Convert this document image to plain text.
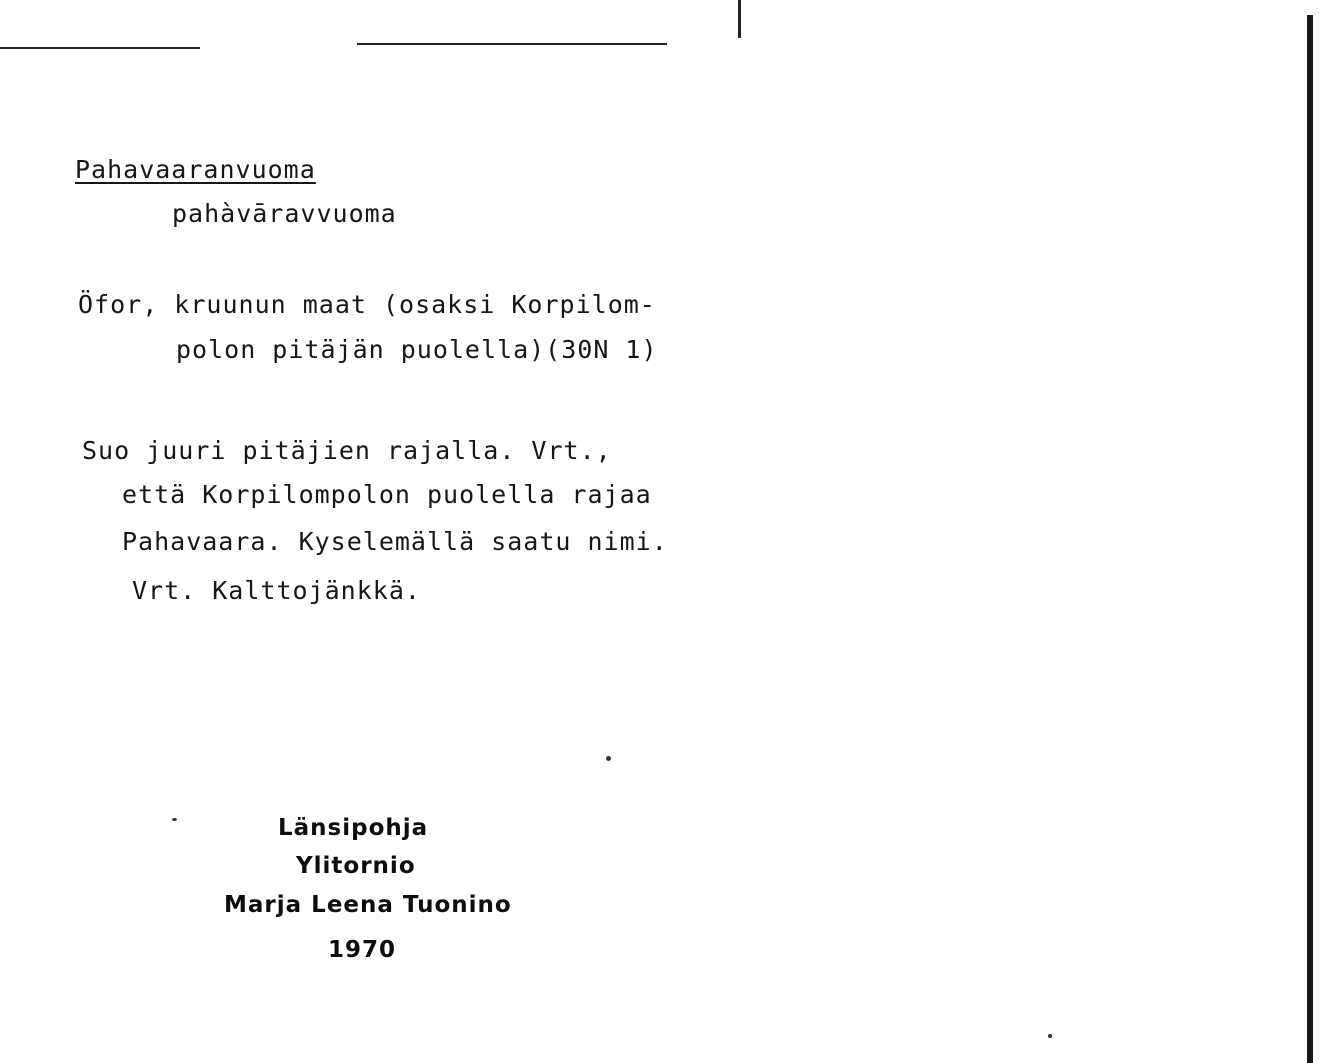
Pahavaaranvuoma
pahàvāravvuoma
Öfor, kruunun maat (osaksi Korpilom-
polon pitäjän puolella)(30N 1)
Suo juuri pitäjien rajalla. Vrt.,
että Korpilompolon puolella rajaa
Pahavaara. Kyselemällä saatu nimi.
Vrt. Kalttojänkkä.
Länsipohja
Ylitornio
Marja Leena Tuonino
1970
